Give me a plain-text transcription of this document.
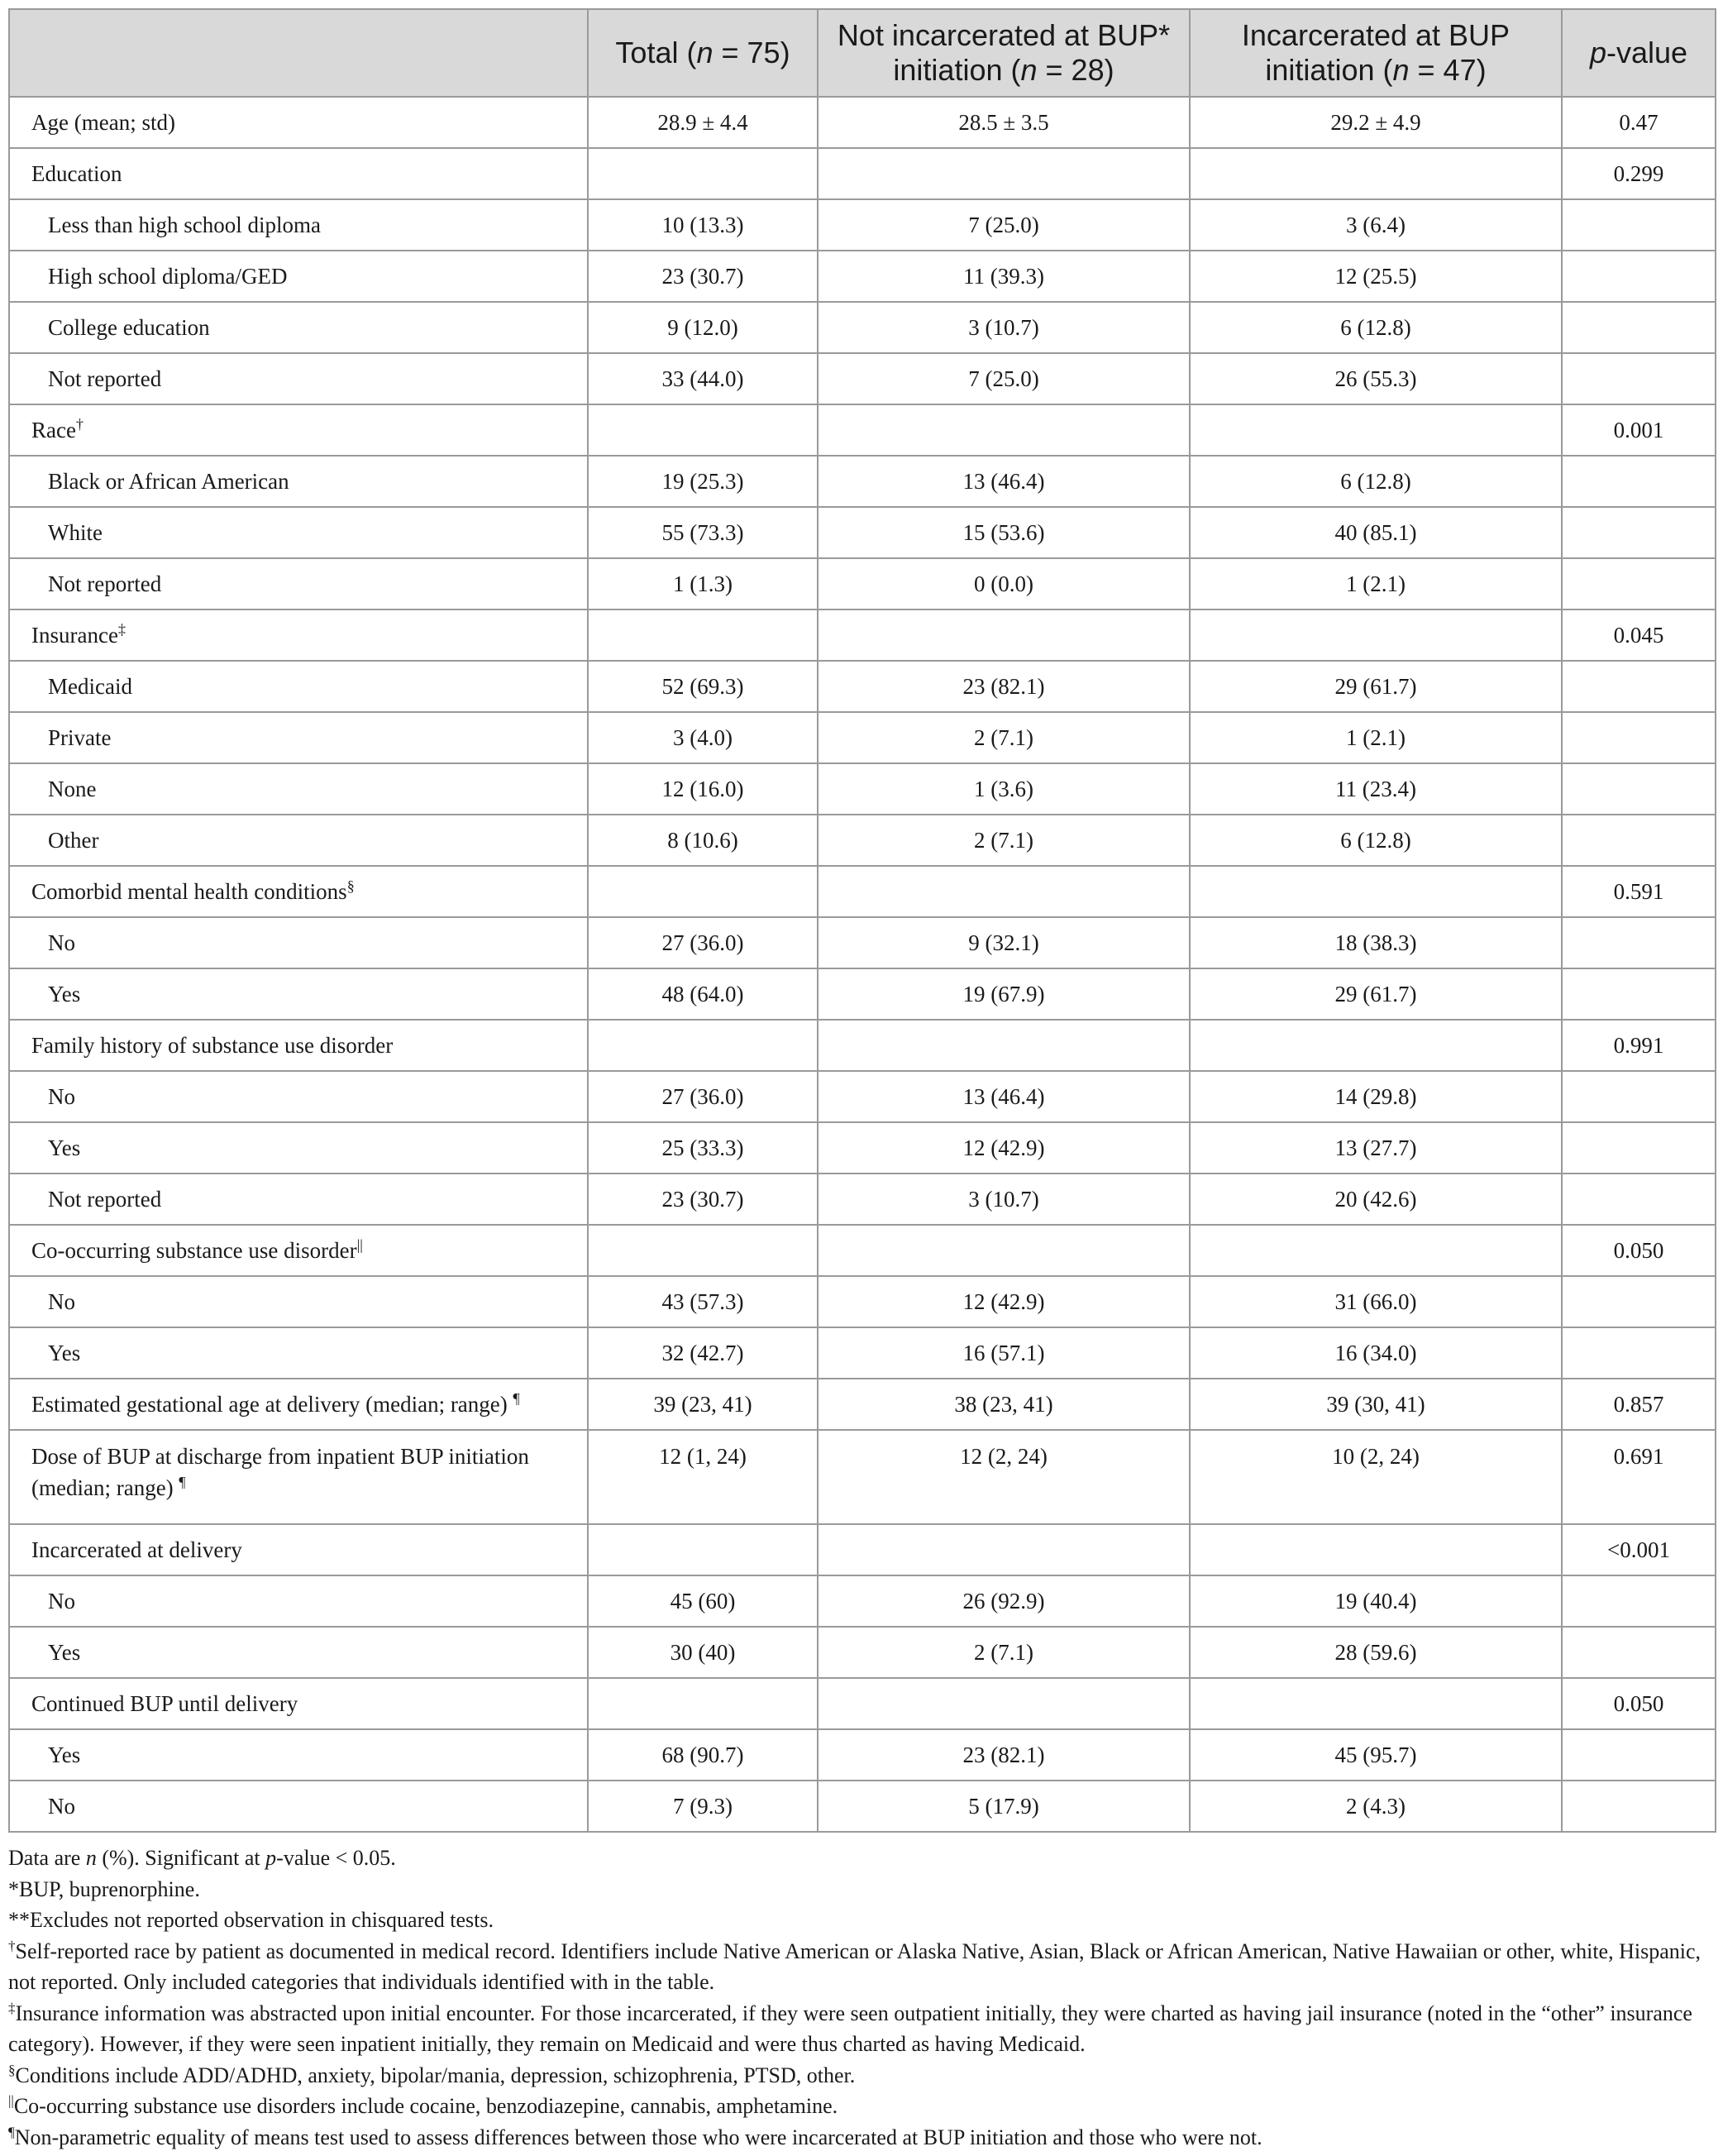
	Total (n = 75)	Not incarcerated at BUP* initiation (n = 28)	Incarcerated at BUP initiation (n = 47)	p-value
Age (mean; std)	28.9 ± 4.4	28.5 ± 3.5	29.2 ± 4.9	0.47
Education				0.299
Less than high school diploma	10 (13.3)	7 (25.0)	3 (6.4)	
High school diploma/GED	23 (30.7)	11 (39.3)	12 (25.5)	
College education	9 (12.0)	3 (10.7)	6 (12.8)	
Not reported	33 (44.0)	7 (25.0)	26 (55.3)	
Race†				0.001
Black or African American	19 (25.3)	13 (46.4)	6 (12.8)	
White	55 (73.3)	15 (53.6)	40 (85.1)	
Not reported	1 (1.3)	0 (0.0)	1 (2.1)	
Insurance‡				0.045
Medicaid	52 (69.3)	23 (82.1)	29 (61.7)	
Private	3 (4.0)	2 (7.1)	1 (2.1)	
None	12 (16.0)	1 (3.6)	11 (23.4)	
Other	8 (10.6)	2 (7.1)	6 (12.8)	
Comorbid mental health conditions§				0.591
No	27 (36.0)	9 (32.1)	18 (38.3)	
Yes	48 (64.0)	19 (67.9)	29 (61.7)	
Family history of substance use disorder				0.991
No	27 (36.0)	13 (46.4)	14 (29.8)	
Yes	25 (33.3)	12 (42.9)	13 (27.7)	
Not reported	23 (30.7)	3 (10.7)	20 (42.6)	
Co-occurring substance use disorder||				0.050
No	43 (57.3)	12 (42.9)	31 (66.0)	
Yes	32 (42.7)	16 (57.1)	16 (34.0)	
Estimated gestational age at delivery (median; range) ¶	39 (23, 41)	38 (23, 41)	39 (30, 41)	0.857
Dose of BUP at discharge from inpatient BUP initiation (median; range) ¶	12 (1, 24)	12 (2, 24)	10 (2, 24)	0.691
Incarcerated at delivery				<0.001
No	45 (60)	26 (92.9)	19 (40.4)	
Yes	30 (40)	2 (7.1)	28 (59.6)	
Continued BUP until delivery				0.050
Yes	68 (90.7)	23 (82.1)	45 (95.7)	
No	7 (9.3)	5 (17.9)	2 (4.3)	

Data are n (%). Significant at p-value < 0.05.

*BUP, buprenorphine.

**Excludes not reported observation in chisquared tests.

†Self-reported race by patient as documented in medical record. Identifiers include Native American or Alaska Native, Asian, Black or African American, Native Hawaiian or other, white, Hispanic, not reported. Only included categories that individuals identified with in the table.

‡Insurance information was abstracted upon initial encounter. For those incarcerated, if they were seen outpatient initially, they were charted as having jail insurance (noted in the “other” insurance category). However, if they were seen inpatient initially, they remain on Medicaid and were thus charted as having Medicaid.

§Conditions include ADD/ADHD, anxiety, bipolar/mania, depression, schizophrenia, PTSD, other.

||Co-occurring substance use disorders include cocaine, benzodiazepine, cannabis, amphetamine.

¶Non-parametric equality of means test used to assess differences between those who were incarcerated at BUP initiation and those who were not.
